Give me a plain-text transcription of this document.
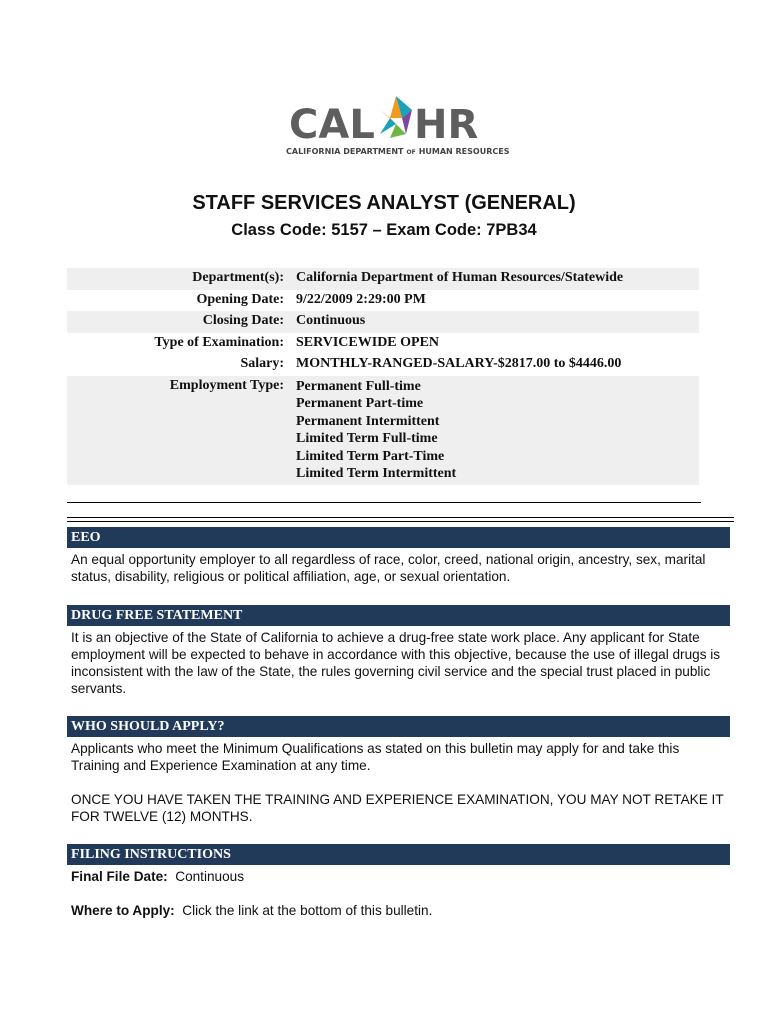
CAL HR
CALIFORNIA DEPARTMENT OF HUMAN RESOURCES
STAFF SERVICES ANALYST (GENERAL)
Class Code: 5157 – Exam Code: 7PB34
Department(s): California Department of Human Resources/Statewide
Opening Date: 9/22/2009 2:29:00 PM
Closing Date: Continuous
Type of Examination: SERVICEWIDE OPEN
Salary: MONTHLY-RANGED-SALARY-$2817.00 to $4446.00
Employment Type: Permanent Full-time
Permanent Part-time
Permanent Intermittent
Limited Term Full-time
Limited Term Part-Time
Limited Term Intermittent
EEO

An equal opportunity employer to all regardless of race, color, creed, national origin, ancestry, sex, marital status, disability, religious or political affiliation, age, or sexual orientation.

DRUG FREE STATEMENT

It is an objective of the State of California to achieve a drug-free state work place. Any applicant for State employment will be expected to behave in accordance with this objective, because the use of illegal drugs is inconsistent with the law of the State, the rules governing civil service and the special trust placed in public servants.

WHO SHOULD APPLY?

Applicants who meet the Minimum Qualifications as stated on this bulletin may apply for and take this Training and Experience Examination at any time.

ONCE YOU HAVE TAKEN THE TRAINING AND EXPERIENCE EXAMINATION, YOU MAY NOT RETAKE IT FOR TWELVE (12) MONTHS.

FILING INSTRUCTIONS

Final File Date: Continuous

Where to Apply: Click the link at the bottom of this bulletin.
